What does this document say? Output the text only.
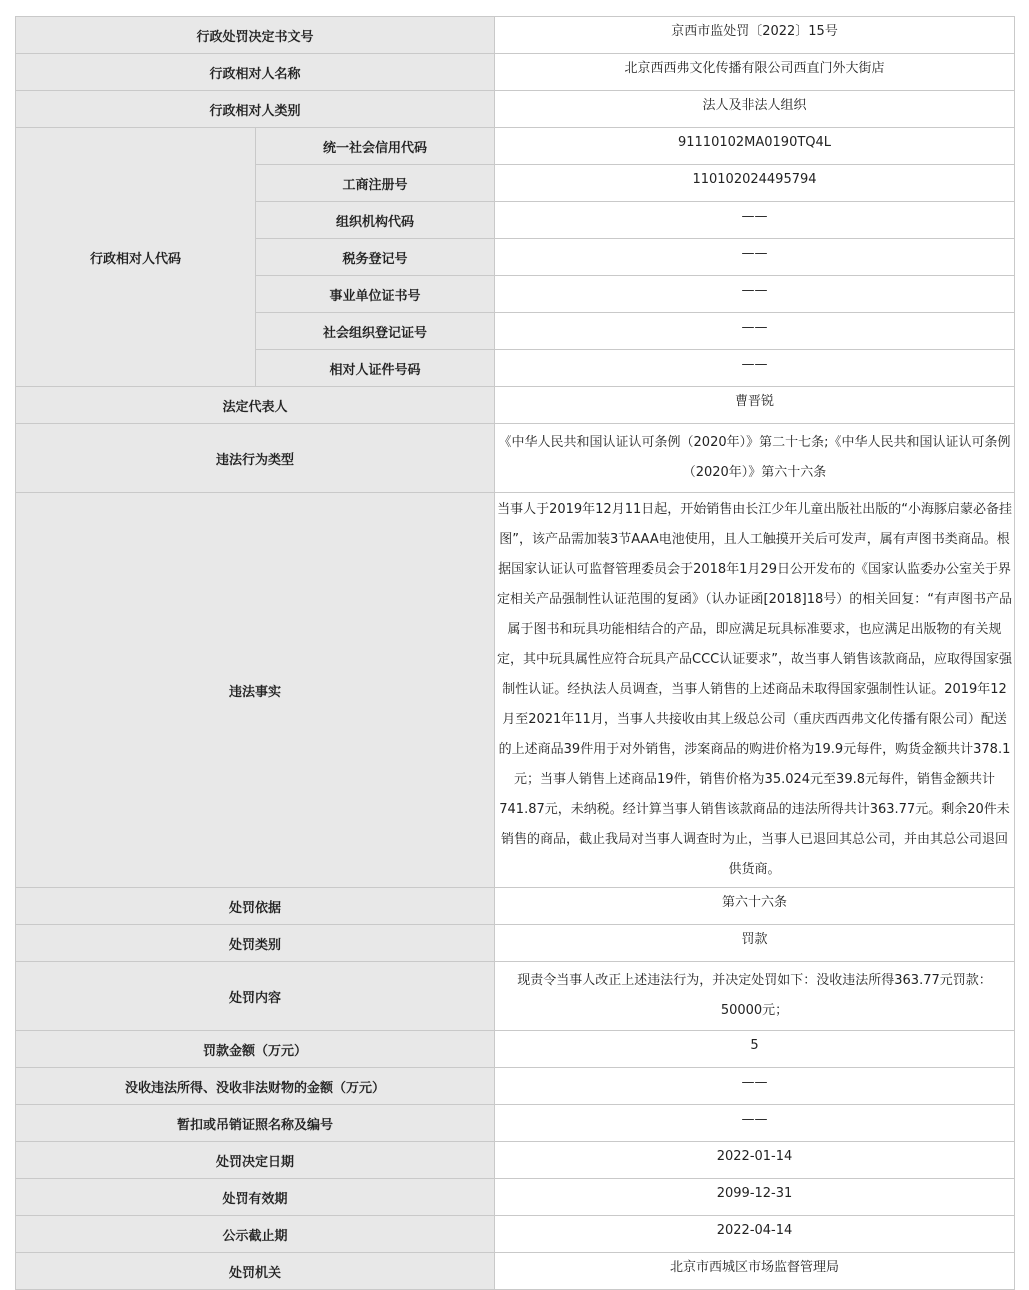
行政处罚决定书文号		京西市监处罚〔2022〕15号
行政相对人名称		北京西西弗文化传播有限公司西直门外大街店
行政相对人类别		法人及非法人组织
行政相对人代码	统一社会信用代码	91110102MA0190TQ4L
	工商注册号	110102024495794
	组织机构代码	——
	税务登记号	——
	事业单位证书号	——
	社会组织登记证号	——
	相对人证件号码	——
法定代表人		曹晋锐
违法行为类型		《中华人民共和国认证认可条例（2020年）》第二十七条;《中华人民共和国认证认可条例（2020年）》第六十六条
违法事实		当事人于2019年12月11日起，开始销售由长江少年儿童出版社出版的“小海豚启蒙必备挂图”，该产品需加装3节AAA电池使用，且人工触摸开关后可发声，属有声图书类商品。根据国家认证认可监督管理委员会于2018年1月29日公开发布的《国家认监委办公室关于界定相关产品强制性认证范围的复函》（认办证函[2018]18号）的相关回复：“有声图书产品属于图书和玩具功能相结合的产品，即应满足玩具标准要求，也应满足出版物的有关规定，其中玩具属性应符合玩具产品CCC认证要求”，故当事人销售该款商品，应取得国家强制性认证。经执法人员调查，当事人销售的上述商品未取得国家强制性认证。2019年12月至2021年11月，当事人共接收由其上级总公司（重庆西西弗文化传播有限公司）配送的上述商品39件用于对外销售，涉案商品的购进价格为19.9元每件，购货金额共计378.1元；当事人销售上述商品19件，销售价格为35.024元至39.8元每件，销售金额共计741.87元，未纳税。经计算当事人销售该款商品的违法所得共计363.77元。剩余20件未销售的商品，截止我局对当事人调查时为止，当事人已退回其总公司，并由其总公司退回供货商。
处罚依据		第六十六条
处罚类别		罚款
处罚内容		现责令当事人改正上述违法行为，并决定处罚如下：没收违法所得363.77元罚款：50000元；
罚款金额（万元）		5
没收违法所得、没收非法财物的金额（万元）		——
暂扣或吊销证照名称及编号		——
处罚决定日期		2022-01-14
处罚有效期		2099-12-31
公示截止期		2022-04-14
处罚机关		北京市西城区市场监督管理局
